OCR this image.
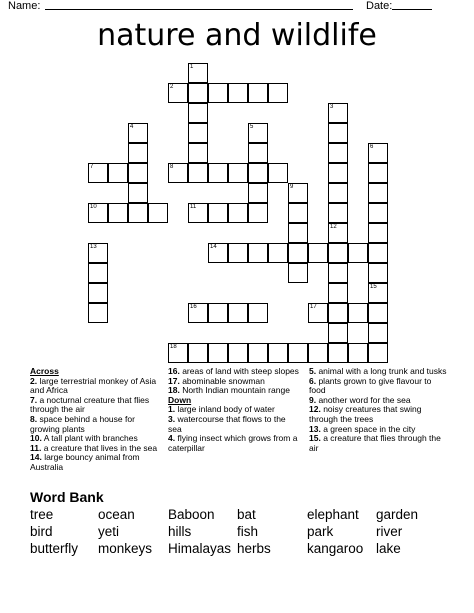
Name:	Date:
nature and wildlife
1
2
3
12
4	5
6
7	8
9
10	11
13	14
15
16	17
18
Across
2. large terrestrial monkey of Asia and Africa
7. a nocturnal creature that flies through the air
8. space behind a house for growing plants
10. A tall plant with branches
11. a creature that lives in the sea
14. large bouncy animal from Australia
16. areas of land with steep slopes
17. abominable snowman
18. North Indian mountain range
Down
1. large inland body of water
3. watercourse that flows to the sea
4. flying insect which grows from a caterpillar
5. animal with a long trunk and tusks
6. plants grown to give flavour to food
9. another word for the sea
12. noisy creatures that swing through the trees
13. a green space in the city
15. a creature that flies through the air
Word Bank
tree	ocean Baboon bat	elephant garden
bird	yeti	hills	fish	park	river
butterfly monkeys Himalayas herbs	kangaroo lake
